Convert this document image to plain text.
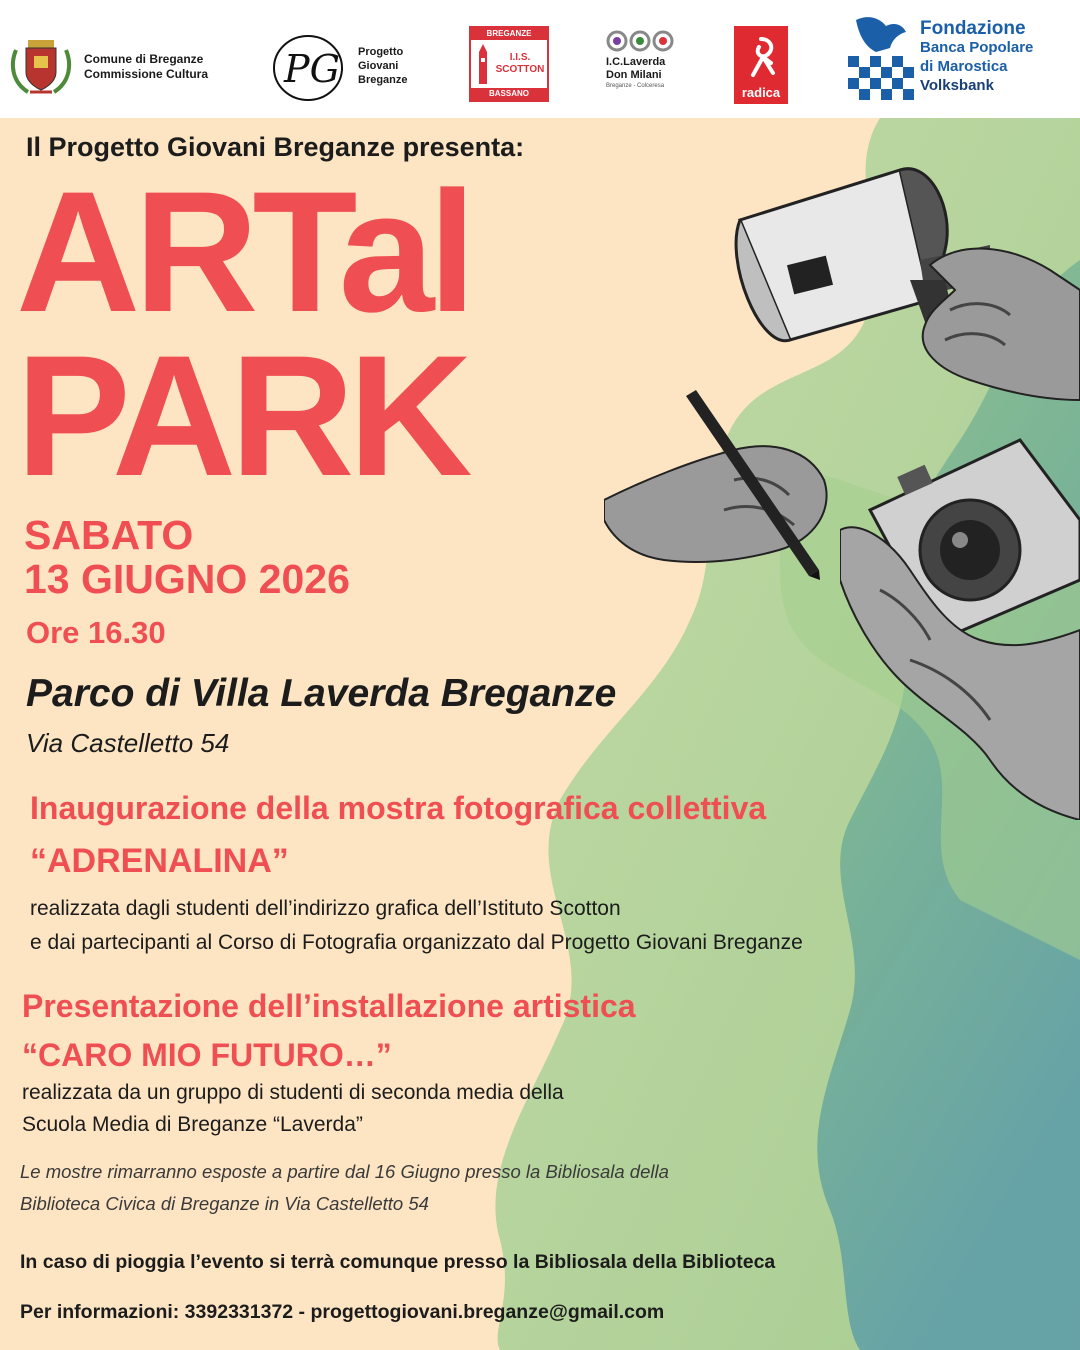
Comune di Breganze
Commissione Cultura PG Progetto
Giovani
Breganze
BREGANZE
I.I.S.
SCOTTON
BASSANO
I.C.Laverda
Don Milani
Breganze - Colceresa	radica
Fondazione
Banca Popolare
di Marostica
Volksbank
Il Progetto Giovani Breganze presenta:
ARTal
PARK
SABATO
13 GIUGNO 2026
Ore 16.30
Parco di Villa Laverda Breganze
Via Castelletto 54
Inaugurazione della mostra fotografica collettiva
“ADRENALINA”
realizzata dagli studenti dell’indirizzo grafica dell’Istituto Scotton
e dai partecipanti al Corso di Fotografia organizzato dal Progetto Giovani Breganze
Presentazione dell’installazione artistica
“CARO MIO FUTURO…”
realizzata da un gruppo di studenti di seconda media della
Scuola Media di Breganze “Laverda”
Le mostre rimarranno esposte a partire dal 16 Giugno presso la Bibliosala della
Biblioteca Civica di Breganze in Via Castelletto 54
In caso di pioggia l’evento si terrà comunque presso la Bibliosala della Biblioteca
Per informazioni: 3392331372 - progettogiovani.breganze@gmail.com
